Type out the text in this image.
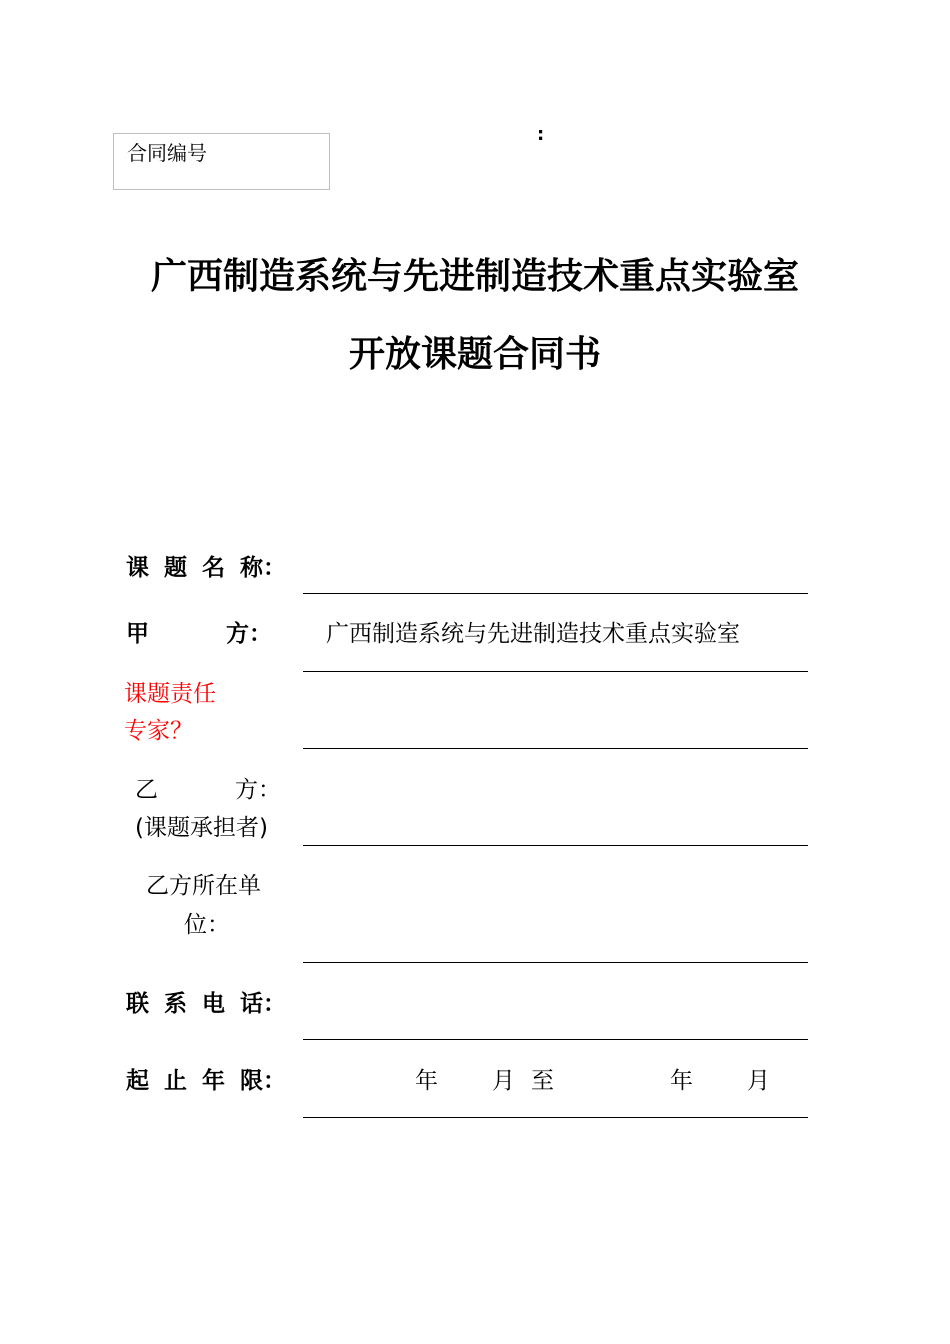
合同编号
:
广西制造系统与先进制造技术重点实验室
开放课题合同书
课 题 名 称：
甲	方： 广西制造系统与先进制造技术重点实验室
课题责任
专家？
乙	方：
(课题承担者)
乙方所在单
位：
联 系 电 话：
起 止 年 限：	年 月 至	年 月
